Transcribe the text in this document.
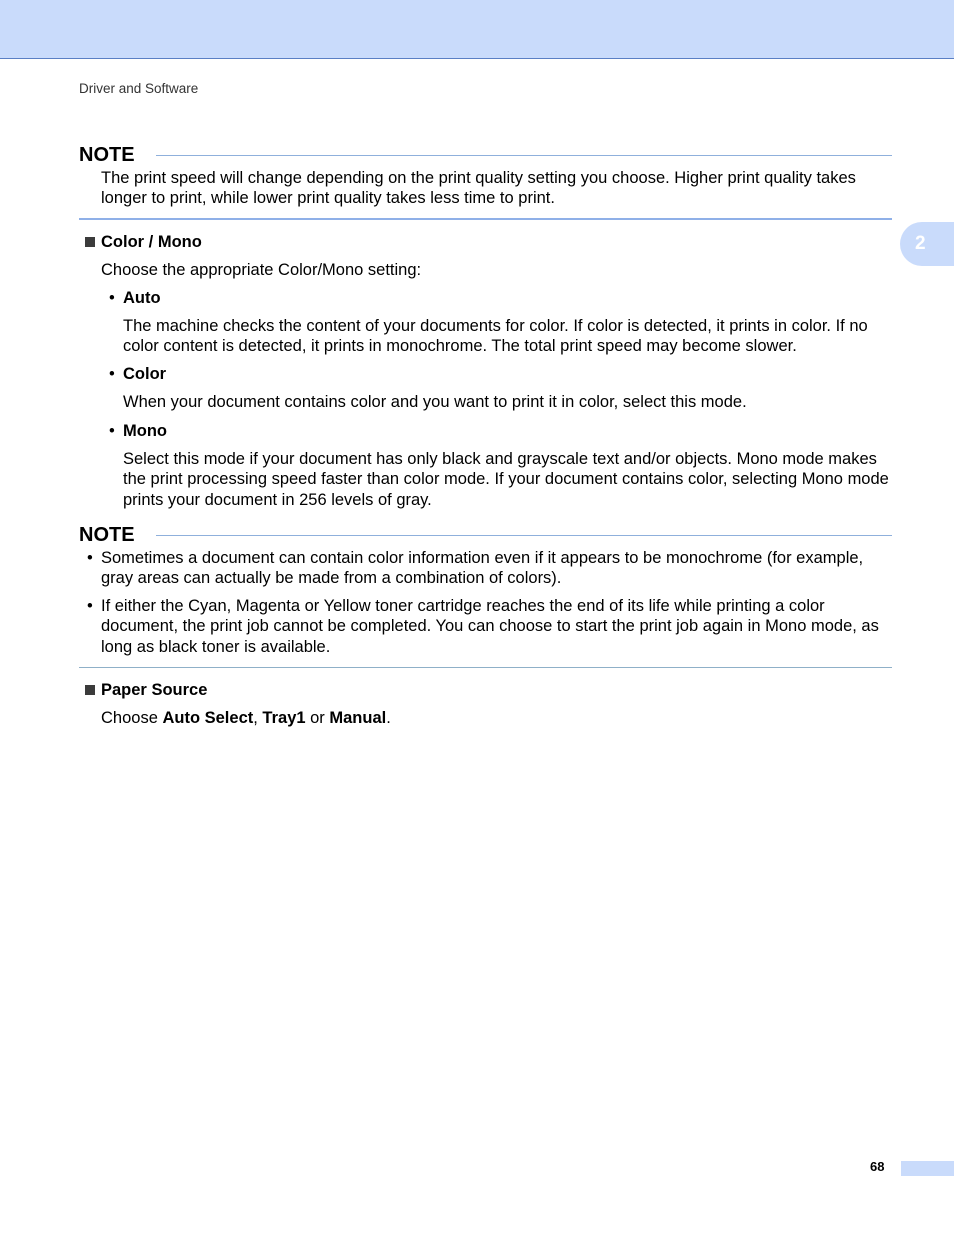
Driver and Software
2
NOTE
The print speed will change depending on the print quality setting you choose. Higher print quality takes longer to print, while lower print quality takes less time to print.
Color / Mono
Choose the appropriate Color/Mono setting:
• Auto
The machine checks the content of your documents for color. If color is detected, it prints in color. If no color content is detected, it prints in monochrome. The total print speed may become slower.
• Color
When your document contains color and you want to print it in color, select this mode.
• Mono
Select this mode if your document has only black and grayscale text and/or objects. Mono mode makes the print processing speed faster than color mode. If your document contains color, selecting Mono mode prints your document in 256 levels of gray.
NOTE
• Sometimes a document can contain color information even if it appears to be monochrome (for example, gray areas can actually be made from a combination of colors).
• If either the Cyan, Magenta or Yellow toner cartridge reaches the end of its life while printing a color document, the print job cannot be completed. You can choose to start the print job again in Mono mode, as long as black toner is available.
Paper Source
Choose Auto Select, Tray1 or Manual.
68
